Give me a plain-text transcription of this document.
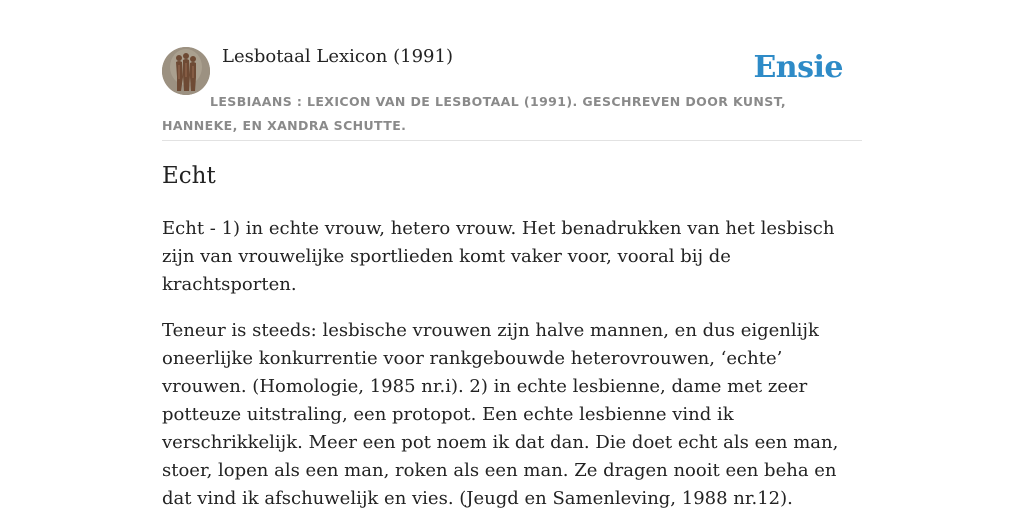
Lesbotaal Lexicon (1991)	Ensie
LESBIAANS : LEXICON VAN DE LESBOTAAL (1991). GESCHREVEN DOOR KUNST, HANNEKE, EN XANDRA SCHUTTE.
Echt

Echt - 1) in echte vrouw, hetero vrouw. Het benadrukken van het lesbisch zijn van vrouwelijke sportlieden komt vaker voor, vooral bij de krachtsporten.

Teneur is steeds: lesbische vrouwen zijn halve mannen, en dus eigenlijk oneerlijke konkurrentie voor rankgebouwde heterovrouwen, ‘echte’ vrouwen. (Homologie, 1985 nr.i). 2) in echte lesbienne, dame met zeer potteuze uitstraling, een protopot. Een echte lesbienne vind ik verschrikkelijk. Meer een pot noem ik dat dan. Die doet echt als een man, stoer, lopen als een man, roken als een man. Ze dragen nooit een beha en dat vind ik afschuwelijk en vies. (Jeugd en Samenleving, 1988 nr.12).
